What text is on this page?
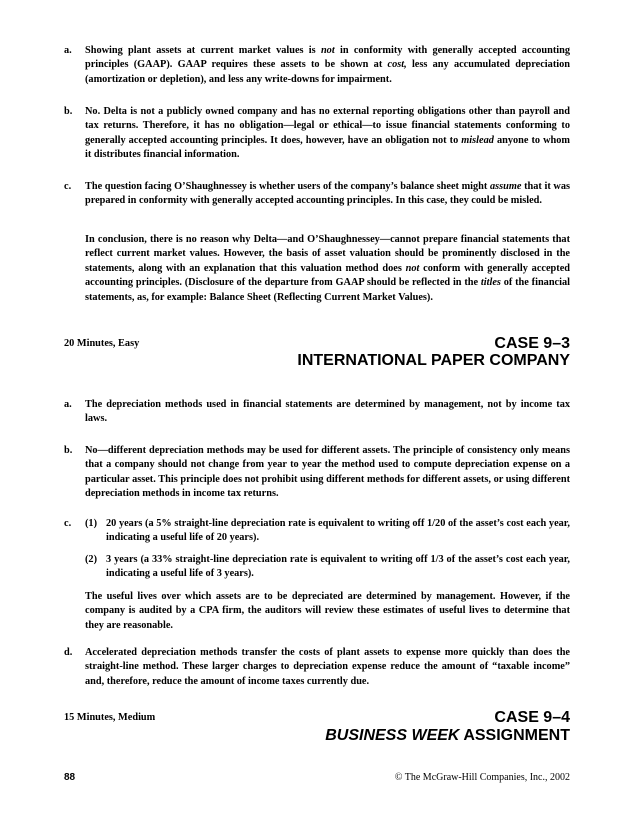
a.	Showing plant assets at current market values is not in conformity with generally accepted accounting principles (GAAP). GAAP requires these assets to be shown at cost, less any accumulated depreciation (amortization or depletion), and less any write-downs for impairment.
b.	No. Delta is not a publicly owned company and has no external reporting obligations other than payroll and tax returns. Therefore, it has no obligation—legal or ethical—to issue financial statements conforming to generally accepted accounting principles. It does, however, have an obligation not to mislead anyone to whom it distributes financial information.
c.	The question facing O’Shaughnessey is whether users of the company’s balance sheet might assume that it was prepared in conformity with generally accepted accounting principles. In this case, they could be misled.
In conclusion, there is no reason why Delta—and O’Shaughnessey—cannot prepare financial statements that reflect current market values. However, the basis of asset valuation should be prominently disclosed in the statements, along with an explanation that this valuation method does not conform with generally accepted accounting principles. (Disclosure of the departure from GAAP should be reflected in the titles of the financial statements, as, for example: Balance Sheet (Reflecting Current Market Values).
20 Minutes, Easy	CASE 9–3
INTERNATIONAL PAPER COMPANY
a.	The depreciation methods used in financial statements are determined by management, not by income tax laws.
b.	No—different depreciation methods may be used for different assets. The principle of consistency only means that a company should not change from year to year the method used to compute depreciation expense on a particular asset. This principle does not prohibit using different methods for different assets, or using different depreciation methods in income tax returns.
c.	(1) 20 years (a 5% straight-line depreciation rate is equivalent to writing off 1/20 of the asset’s cost each year, indicating a useful life of 20 years).
(2) 3 years (a 33% straight-line depreciation rate is equivalent to writing off 1/3 of the asset’s cost each year, indicating a useful life of 3 years).
The useful lives over which assets are to be depreciated are determined by management. However, if the company is audited by a CPA firm, the auditors will review these estimates of useful lives to determine that they are reasonable.
d.	Accelerated depreciation methods transfer the costs of plant assets to expense more quickly than does the straight-line method. These larger charges to depreciation expense reduce the amount of “taxable income” and, therefore, reduce the amount of income taxes currently due.
15 Minutes, Medium	CASE 9–4
BUSINESS WEEK ASSIGNMENT
88	© The McGraw-Hill Companies, Inc., 2002
